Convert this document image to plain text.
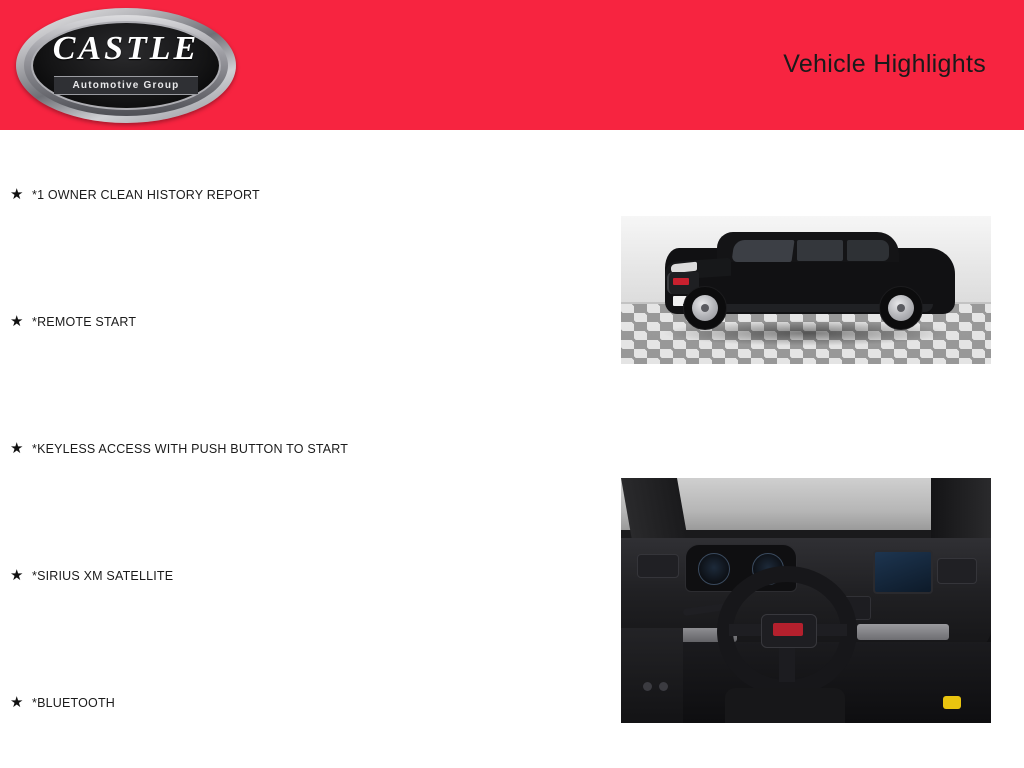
CASTLE
Automotive Group
Vehicle Highlights
★ *1 OWNER CLEAN HISTORY REPORT
★ *REMOTE START
★ *KEYLESS ACCESS WITH PUSH BUTTON TO START
★ *SIRIUS XM SATELLITE
★ *BLUETOOTH
